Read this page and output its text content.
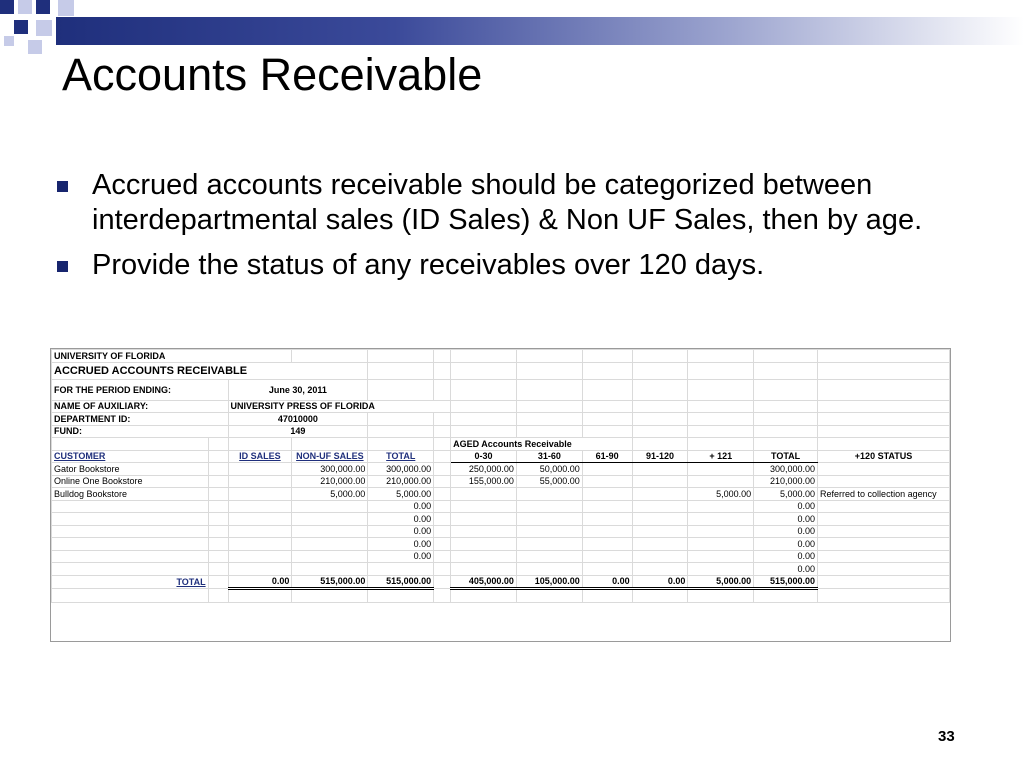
Accounts Receivable
Accrued accounts receivable should be categorized between interdepartmental sales (ID Sales) & Non UF Sales, then by age.
Provide the status of any receivables over 120 days.
UNIVERSITY OF FLORIDA												
ACCRUED ACCOUNTS RECEIVABLE												
FOR THE PERIOD ENDING:		June 30, 2011										
NAME OF AUXILIARY:		UNIVERSITY PRESS OF FLORIDA										
DEPARTMENT ID:		47010000										
FUND:		149										
						AGED Accounts Receivable						
CUSTOMER		ID SALES	NON-UF SALES	TOTAL		0-30	31-60	61-90	91-120	+ 121	TOTAL	+120 STATUS
Gator Bookstore			300,000.00	300,000.00		250,000.00	50,000.00				300,000.00	
Online One Bookstore			210,000.00	210,000.00		155,000.00	55,000.00				210,000.00	
Bulldog Bookstore			5,000.00	5,000.00						5,000.00	5,000.00	Referred to collection agency
				0.00							0.00	
				0.00							0.00	
				0.00							0.00	
				0.00							0.00	
				0.00							0.00	
											0.00	
TOTAL		0.00	515,000.00	515,000.00		405,000.00	105,000.00	0.00	0.00	5,000.00	515,000.00	

33
